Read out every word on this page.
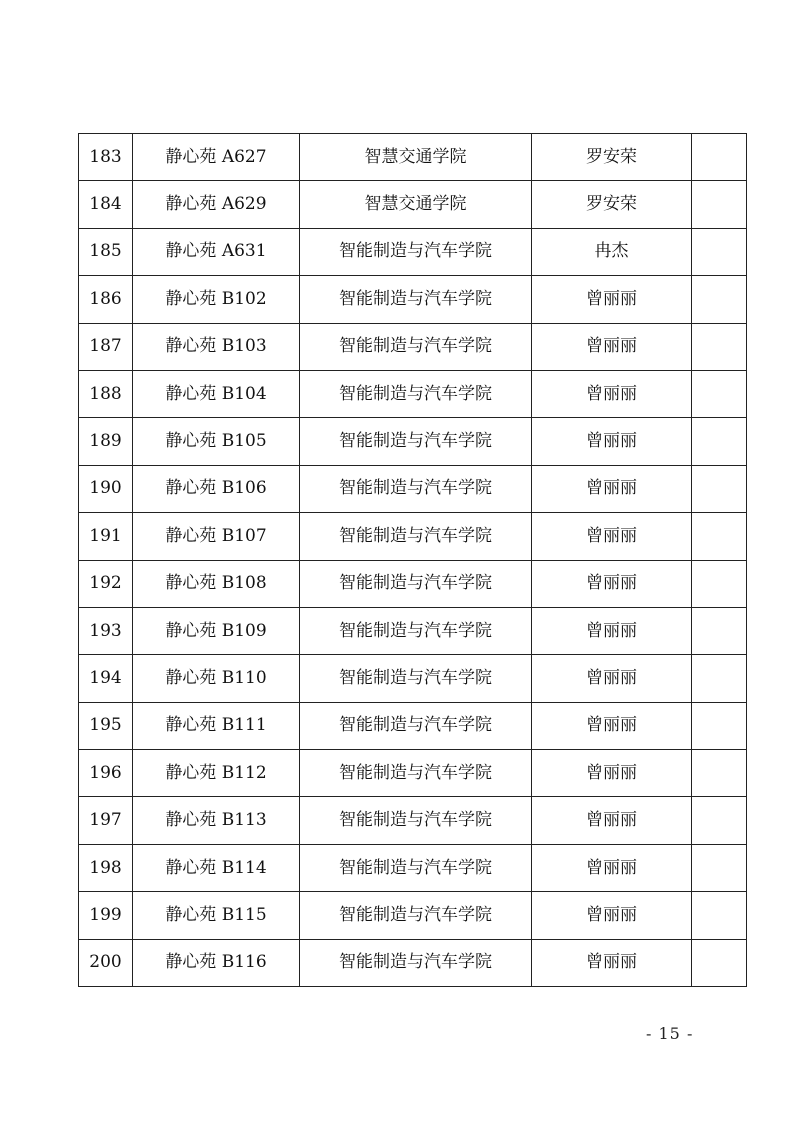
183	静心苑 A627	智慧交通学院	罗安荣	
184	静心苑 A629	智慧交通学院	罗安荣	
185	静心苑 A631	智能制造与汽车学院	冉杰	
186	静心苑 B102	智能制造与汽车学院	曾丽丽	
187	静心苑 B103	智能制造与汽车学院	曾丽丽	
188	静心苑 B104	智能制造与汽车学院	曾丽丽	
189	静心苑 B105	智能制造与汽车学院	曾丽丽	
190	静心苑 B106	智能制造与汽车学院	曾丽丽	
191	静心苑 B107	智能制造与汽车学院	曾丽丽	
192	静心苑 B108	智能制造与汽车学院	曾丽丽	
193	静心苑 B109	智能制造与汽车学院	曾丽丽	
194	静心苑 B110	智能制造与汽车学院	曾丽丽	
195	静心苑 B111	智能制造与汽车学院	曾丽丽	
196	静心苑 B112	智能制造与汽车学院	曾丽丽	
197	静心苑 B113	智能制造与汽车学院	曾丽丽	
198	静心苑 B114	智能制造与汽车学院	曾丽丽	
199	静心苑 B115	智能制造与汽车学院	曾丽丽	
200	静心苑 B116	智能制造与汽车学院	曾丽丽	
- 15 -
